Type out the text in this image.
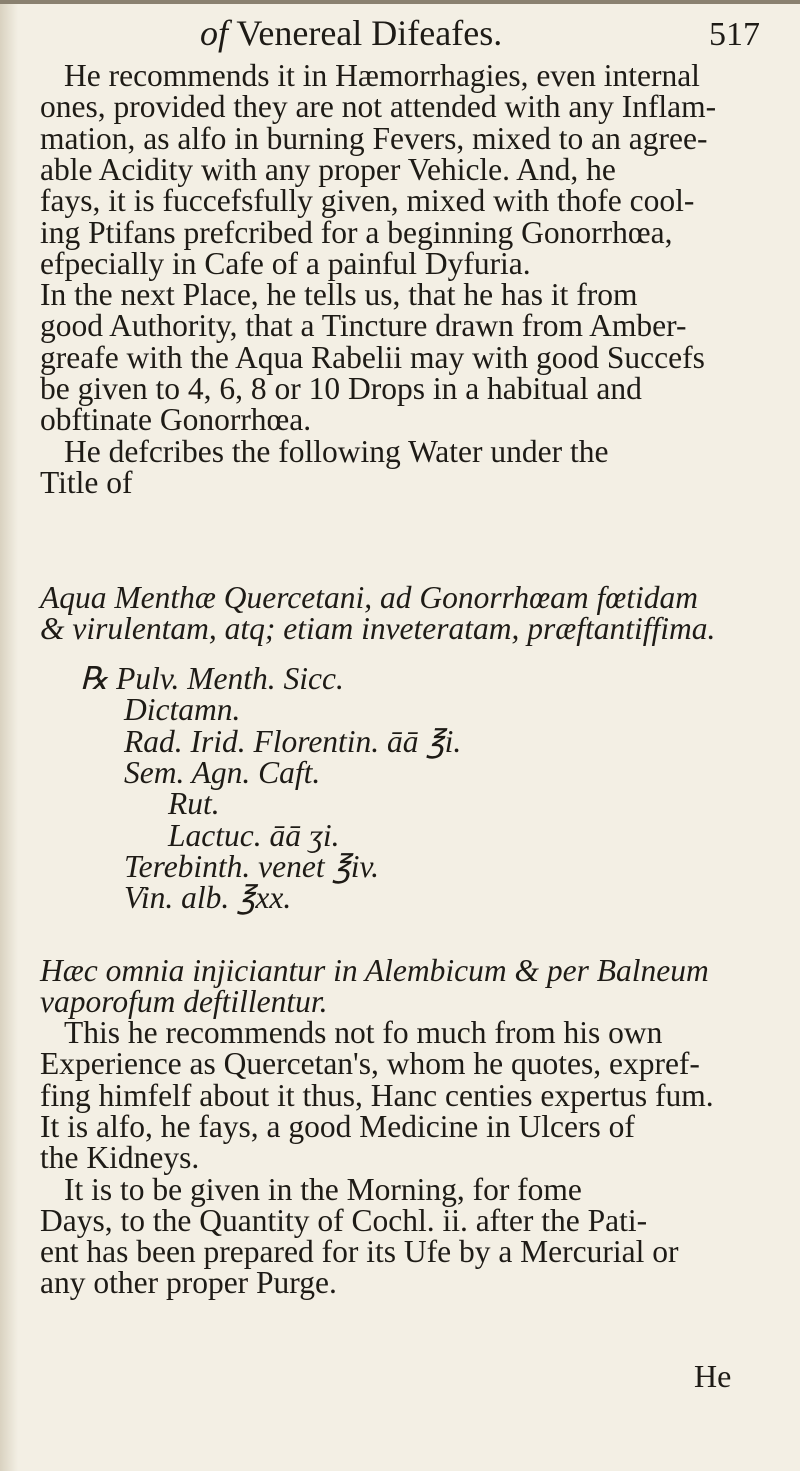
of Venereal Difeafes.	517
He recommends it in Hæmorrhagies, even internal
ones, provided they are not attended with any Inflam-
mation, as alfo in burning Fevers, mixed to an agree-
able Acidity with any proper Vehicle. And, he
fays, it is fuccefsfully given, mixed with thofe cool-
ing Ptifans prefcribed for a beginning Gonorrhœa,
efpecially in Cafe of a painful Dyfuria.
In the next Place, he tells us, that he has it from
good Authority, that a Tincture drawn from Amber-
greafe with the Aqua Rabelii may with good Succefs
be given to 4, 6, 8 or 10 Drops in a habitual and
obftinate Gonorrhœa.
He defcribes the following Water under the
Title of
Aqua Menthæ Quercetani, ad Gonorrhœam fœtidam
& virulentam, atq; etiam inveteratam, præftantiffima.
℞ Pulv. Menth. Sicc.
Dictamn.
Rad. Irid. Florentin. āā ℥i.
Sem. Agn. Caft.
Rut.
Lactuc. āā ʒi.
Terebinth. venet ℥iv.
Vin. alb. ℥xx.
Hæc omnia injiciantur in Alembicum & per Balneum
vaporofum deftillentur.
This he recommends not fo much from his own
Experience as Quercetan's, whom he quotes, expref-
fing himfelf about it thus, Hanc centies expertus fum.
It is alfo, he fays, a good Medicine in Ulcers of
the Kidneys.
It is to be given in the Morning, for fome
Days, to the Quantity of Cochl. ii. after the Pati-
ent has been prepared for its Ufe by a Mercurial or
any other proper Purge.
He
